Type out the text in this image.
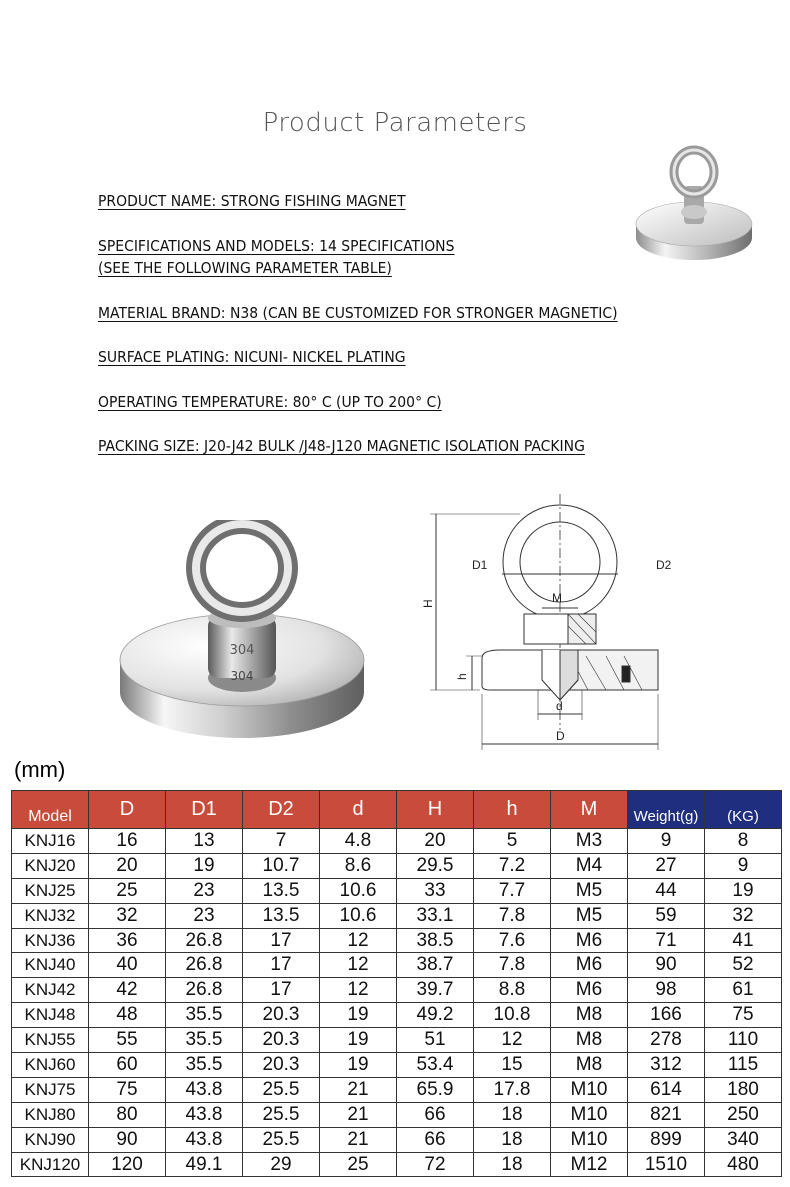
Product Parameters
PRODUCT NAME: STRONG FISHING MAGNET
SPECIFICATIONS AND MODELS: 14 SPECIFICATIONS
(SEE THE FOLLOWING PARAMETER TABLE)
MATERIAL BRAND: N38 (CAN BE CUSTOMIZED FOR STRONGER MAGNETIC)
SURFACE PLATING: NICUNI- NICKEL PLATING
OPERATING TEMPERATURE: 80° C (UP TO 200° C)
PACKING SIZE: J20-J42 BULK /J48-J120 MAGNETIC ISOLATION PACKING
304
304
D1	D2
M
H
h
d
D
(mm)
Model	D	D1	D2	d	H	h	M	Weight(g)	(KG)
KNJ16	16	13	7	4.8	20	5	M3	9	8
KNJ20	20	19	10.7	8.6	29.5	7.2	M4	27	9
KNJ25	25	23	13.5	10.6	33	7.7	M5	44	19
KNJ32	32	23	13.5	10.6	33.1	7.8	M5	59	32
KNJ36	36	26.8	17	12	38.5	7.6	M6	71	41
KNJ40	40	26.8	17	12	38.7	7.8	M6	90	52
KNJ42	42	26.8	17	12	39.7	8.8	M6	98	61
KNJ48	48	35.5	20.3	19	49.2	10.8	M8	166	75
KNJ55	55	35.5	20.3	19	51	12	M8	278	110
KNJ60	60	35.5	20.3	19	53.4	15	M8	312	115
KNJ75	75	43.8	25.5	21	65.9	17.8	M10	614	180
KNJ80	80	43.8	25.5	21	66	18	M10	821	250
KNJ90	90	43.8	25.5	21	66	18	M10	899	340
KNJ120	120	49.1	29	25	72	18	M12	1510	480
